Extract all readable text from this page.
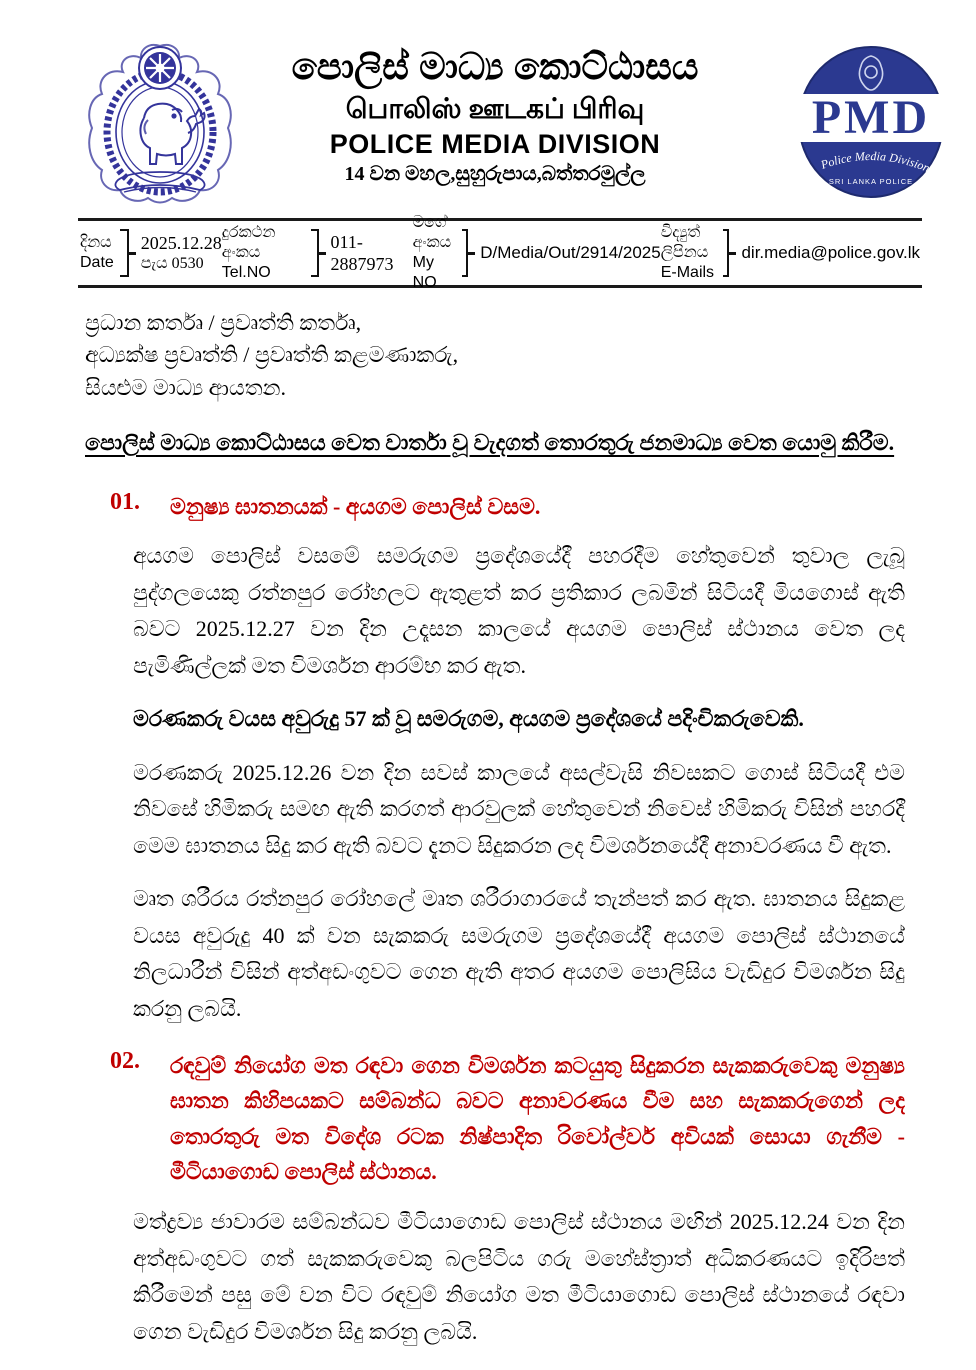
පොලිස් මාධ්‍ය කොට්ඨාසය
பொலிஸ் ஊடகப் பிரிவு
POLICE MEDIA DIVISION
14 වන මහල,සුහුරුපාය,බත්තරමුල්ල
PMD
Police Media Division
SRI LANKA POLICE
දිනය
Date
2025.12.28
පැය 0530
දුරකථන අංකය
Tel.NO
011-2887973
මගේ අංකය
My NO
D/Media/Out/2914/2025
විද්‍යුත් ලිපිනය
E-Mails
dir.media@police.gov.lk
ප්‍රධාන කර්තෘ / ප්‍රවෘත්ති කර්තෘ,
අධ්‍යක්ෂ ප්‍රවෘත්ති / ප්‍රවෘත්ති කළමණාකරු,
සියළුම මාධ්‍ය ආයතන.
පොලිස් මාධ්‍ය කොට්ඨාසය වෙත වාර්තා වූ වැදගත් තොරතුරු ජනමාධ්‍ය වෙත යොමු කිරීම.
01.	මනුෂ්‍ය ඝාතනයක් - අයගම පොලිස් වසම.

අයගම පොලිස් වසමේ සමරුගම ප්‍රදේශයේදී පහරදීම හේතුවෙන් තුවාල ලැබූ පුද්ගලයෙකු රත්නපුර රෝහලට ඇතුළත් කර ප්‍රතිකාර ලබමින් සිටියදී මියගොස් ඇති බවට 2025.12.27 වන දින උදෑසන කාලයේ අයගම පොලිස් ස්ථානය වෙත ලද පැමිණිල්ලක් මත විමර්ශන ආරම්භ කර ඇත.

මරණකරු වයස අවුරුදු 57 ක් වූ සමරුගම, අයගම ප්‍රදේශයේ පදිංචිකරුවෙකි.

මරණකරු 2025.12.26 වන දින සවස් කාලයේ අසල්වැසි නිවසකට ගොස් සිටියදී එම නිවසේ හිමිකරු සමඟ ඇති කරගත් ආරවුලක් හේතුවෙන් නිවෙස් හිමිකරු විසින් පහරදී මෙම ඝාතනය සිදු කර ඇති බවට දැනට සිදුකරන ලද විමර්ශනයේදී අනාවරණය වී ඇත.

මෘත ශරීරය රත්නපුර රෝහලේ මෘත ශරීරාගාරයේ තැන්පත් කර ඇත. ඝාතනය සිදුකළ වයස අවුරුදු 40 ක් වන සැකකරු සමරුගම ප්‍රදේශයේදී අයගම පොලිස් ස්ථානයේ නිලධාරීන් විසින් අත්අඩංගුවට ගෙන ඇති අතර අයගම පොලිසිය වැඩිදුර විමර්ශන සිදු කරනු ලබයි.

02.	රඳවුම් නියෝග මත රඳවා ගෙන විමර්ශන කටයුතු සිදුකරන සැකකරුවෙකු මනුෂ්‍ය ඝාතන කිහිපයකට සම්බන්ධ බවට අනාවරණය වීම සහ සැකකරුගෙන් ලද තොරතුරු මත විදේශ රටක නිෂ්පාදිත රිවෝල්වර් අවියක් සොයා ගැනීම - මීටියාගොඩ පොලිස් ස්ථානය.

මත්ද්‍රව්‍ය ජාවාරම සම්බන්ධව මීටියාගොඩ පොලිස් ස්ථානය මඟින් 2025.12.24 වන දින අත්අඩංගුවට ගත් සැකකරුවෙකු බලපිටිය ගරු මහේස්ත්‍රාත් අධිකරණයට ඉදිරිපත් කිරීමෙන් පසු මේ වන විට රඳවුම් නියෝග මත මීටියාගොඩ පොලිස් ස්ථානයේ රඳවා ගෙන වැඩිදුර විමර්ශන සිදු කරනු ලබයි.
